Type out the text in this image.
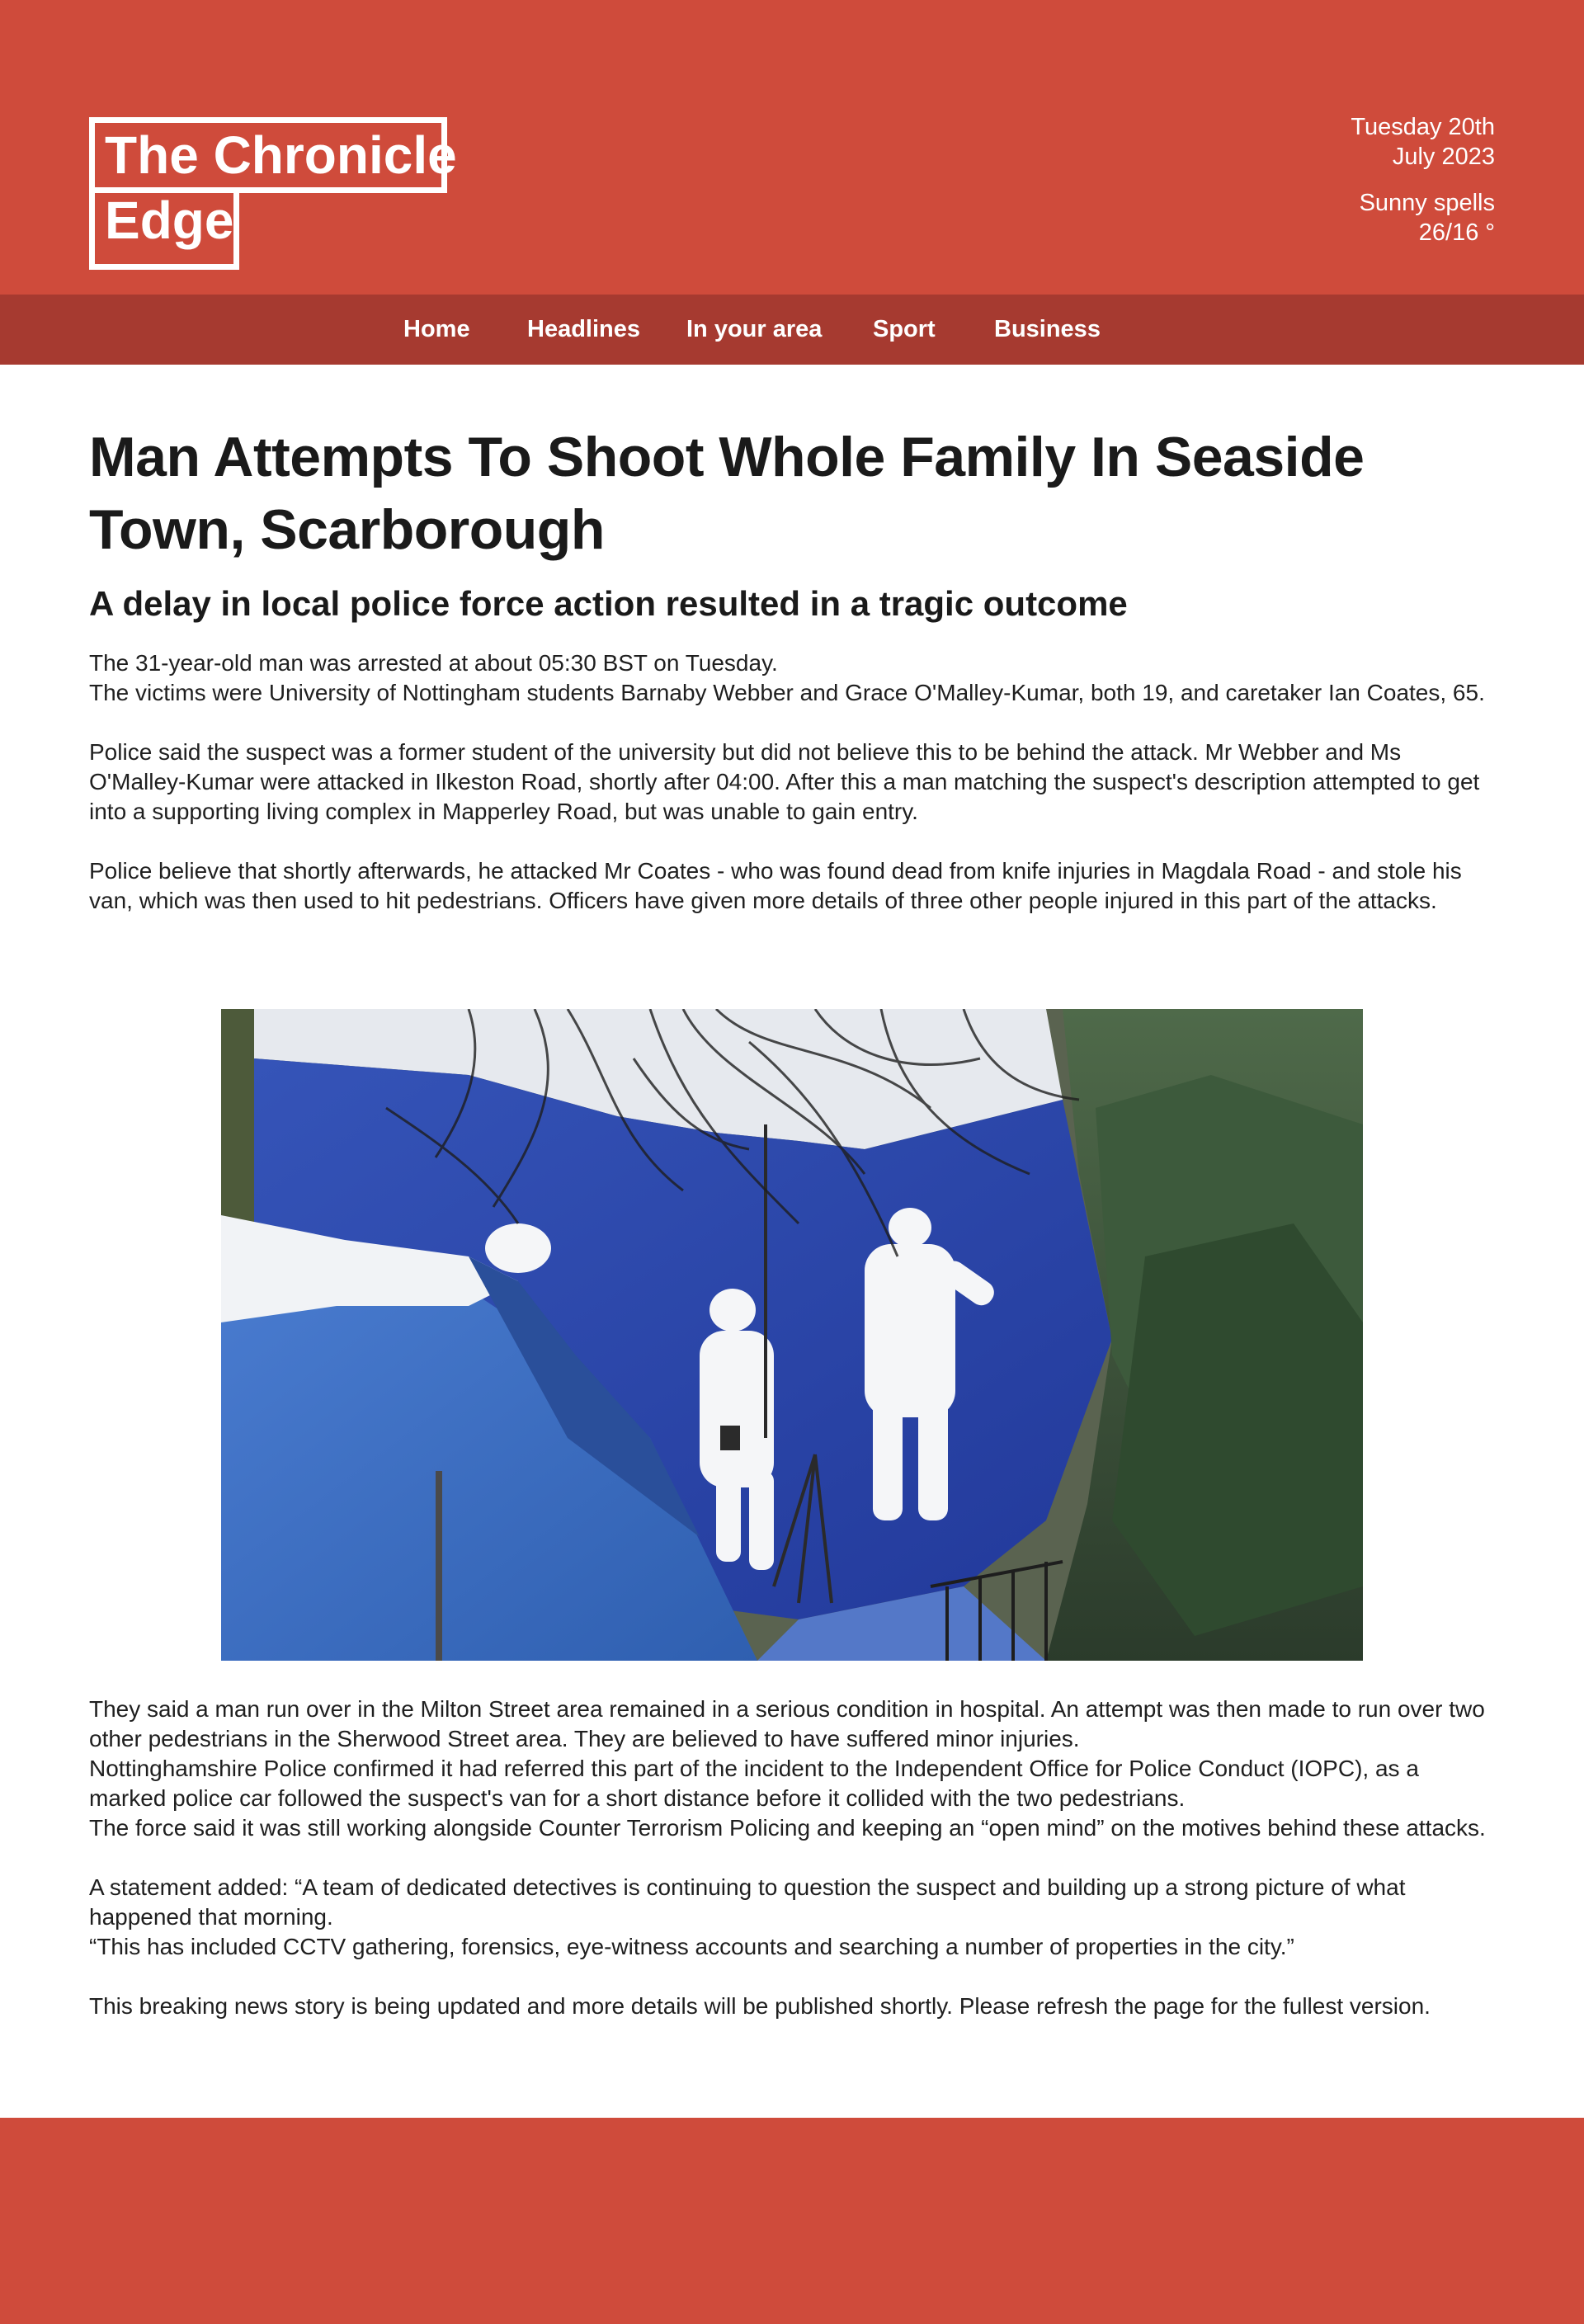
The Chronicle
Edge
Tuesday 20th
July 2023
Sunny spells
26/16 °
Home Headlines In your area Sport Business
Man Attempts To Shoot Whole Family In Seaside Town, Scarborough
A delay in local police force action resulted in a tragic outcome

The 31-year-old man was arrested at about 05:30 BST on Tuesday.

The victims were University of Nottingham students Barnaby Webber and Grace O'Malley-Kumar, both 19, and caretaker Ian Coates, 65.

Police said the suspect was a former student of the university but did not believe this to be behind the attack. Mr Webber and Ms O'Malley-Kumar were attacked in Ilkeston Road, shortly after 04:00. After this a man matching the suspect's description attempted to get into a supporting living complex in Mapperley Road, but was unable to gain entry.

Police believe that shortly afterwards, he attacked Mr Coates - who was found dead from knife injuries in Magdala Road - and stole his van, which was then used to hit pedestrians. Officers have given more details of three other people injured in this part of the attacks.

They said a man run over in the Milton Street area remained in a serious condition in hospital. An attempt was then made to run over two other pedestrians in the Sherwood Street area. They are believed to have suffered minor injuries.

Nottinghamshire Police confirmed it had referred this part of the incident to the Independent Office for Police Conduct (IOPC), as a marked police car followed the suspect's van for a short distance before it collided with the two pedestrians.

The force said it was still working alongside Counter Terrorism Policing and keeping an “open mind” on the motives behind these attacks.

A statement added: “A team of dedicated detectives is continuing to question the suspect and building up a strong picture of what happened that morning.

“This has included CCTV gathering, forensics, eye-witness accounts and searching a number of properties in the city.”

This breaking news story is being updated and more details will be published shortly. Please refresh the page for the fullest version.
